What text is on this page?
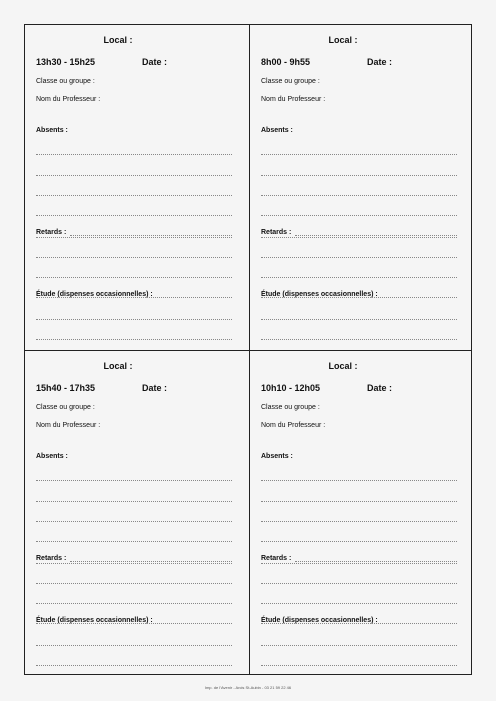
Local :
13h30 - 15h25	Date :
Classe ou groupe :
Nom du Professeur :
Absents :
Retards :
Étude (dispenses occasionnelles) :
Local :
8h00 - 9h55	Date :
Classe ou groupe :
Nom du Professeur :
Absents :
Retards :
Étude (dispenses occasionnelles) :
Local :
15h40 - 17h35	Date :
Classe ou groupe :
Nom du Professeur :
Absents :
Retards :
Étude (dispenses occasionnelles) :
Local :
10h10 - 12h05	Date :
Classe ou groupe :
Nom du Professeur :
Absents :
Retards :
Étude (dispenses occasionnelles) :
Imp. de l'Avenir - Arcis St-Aubin - 03 21 59 22 46
